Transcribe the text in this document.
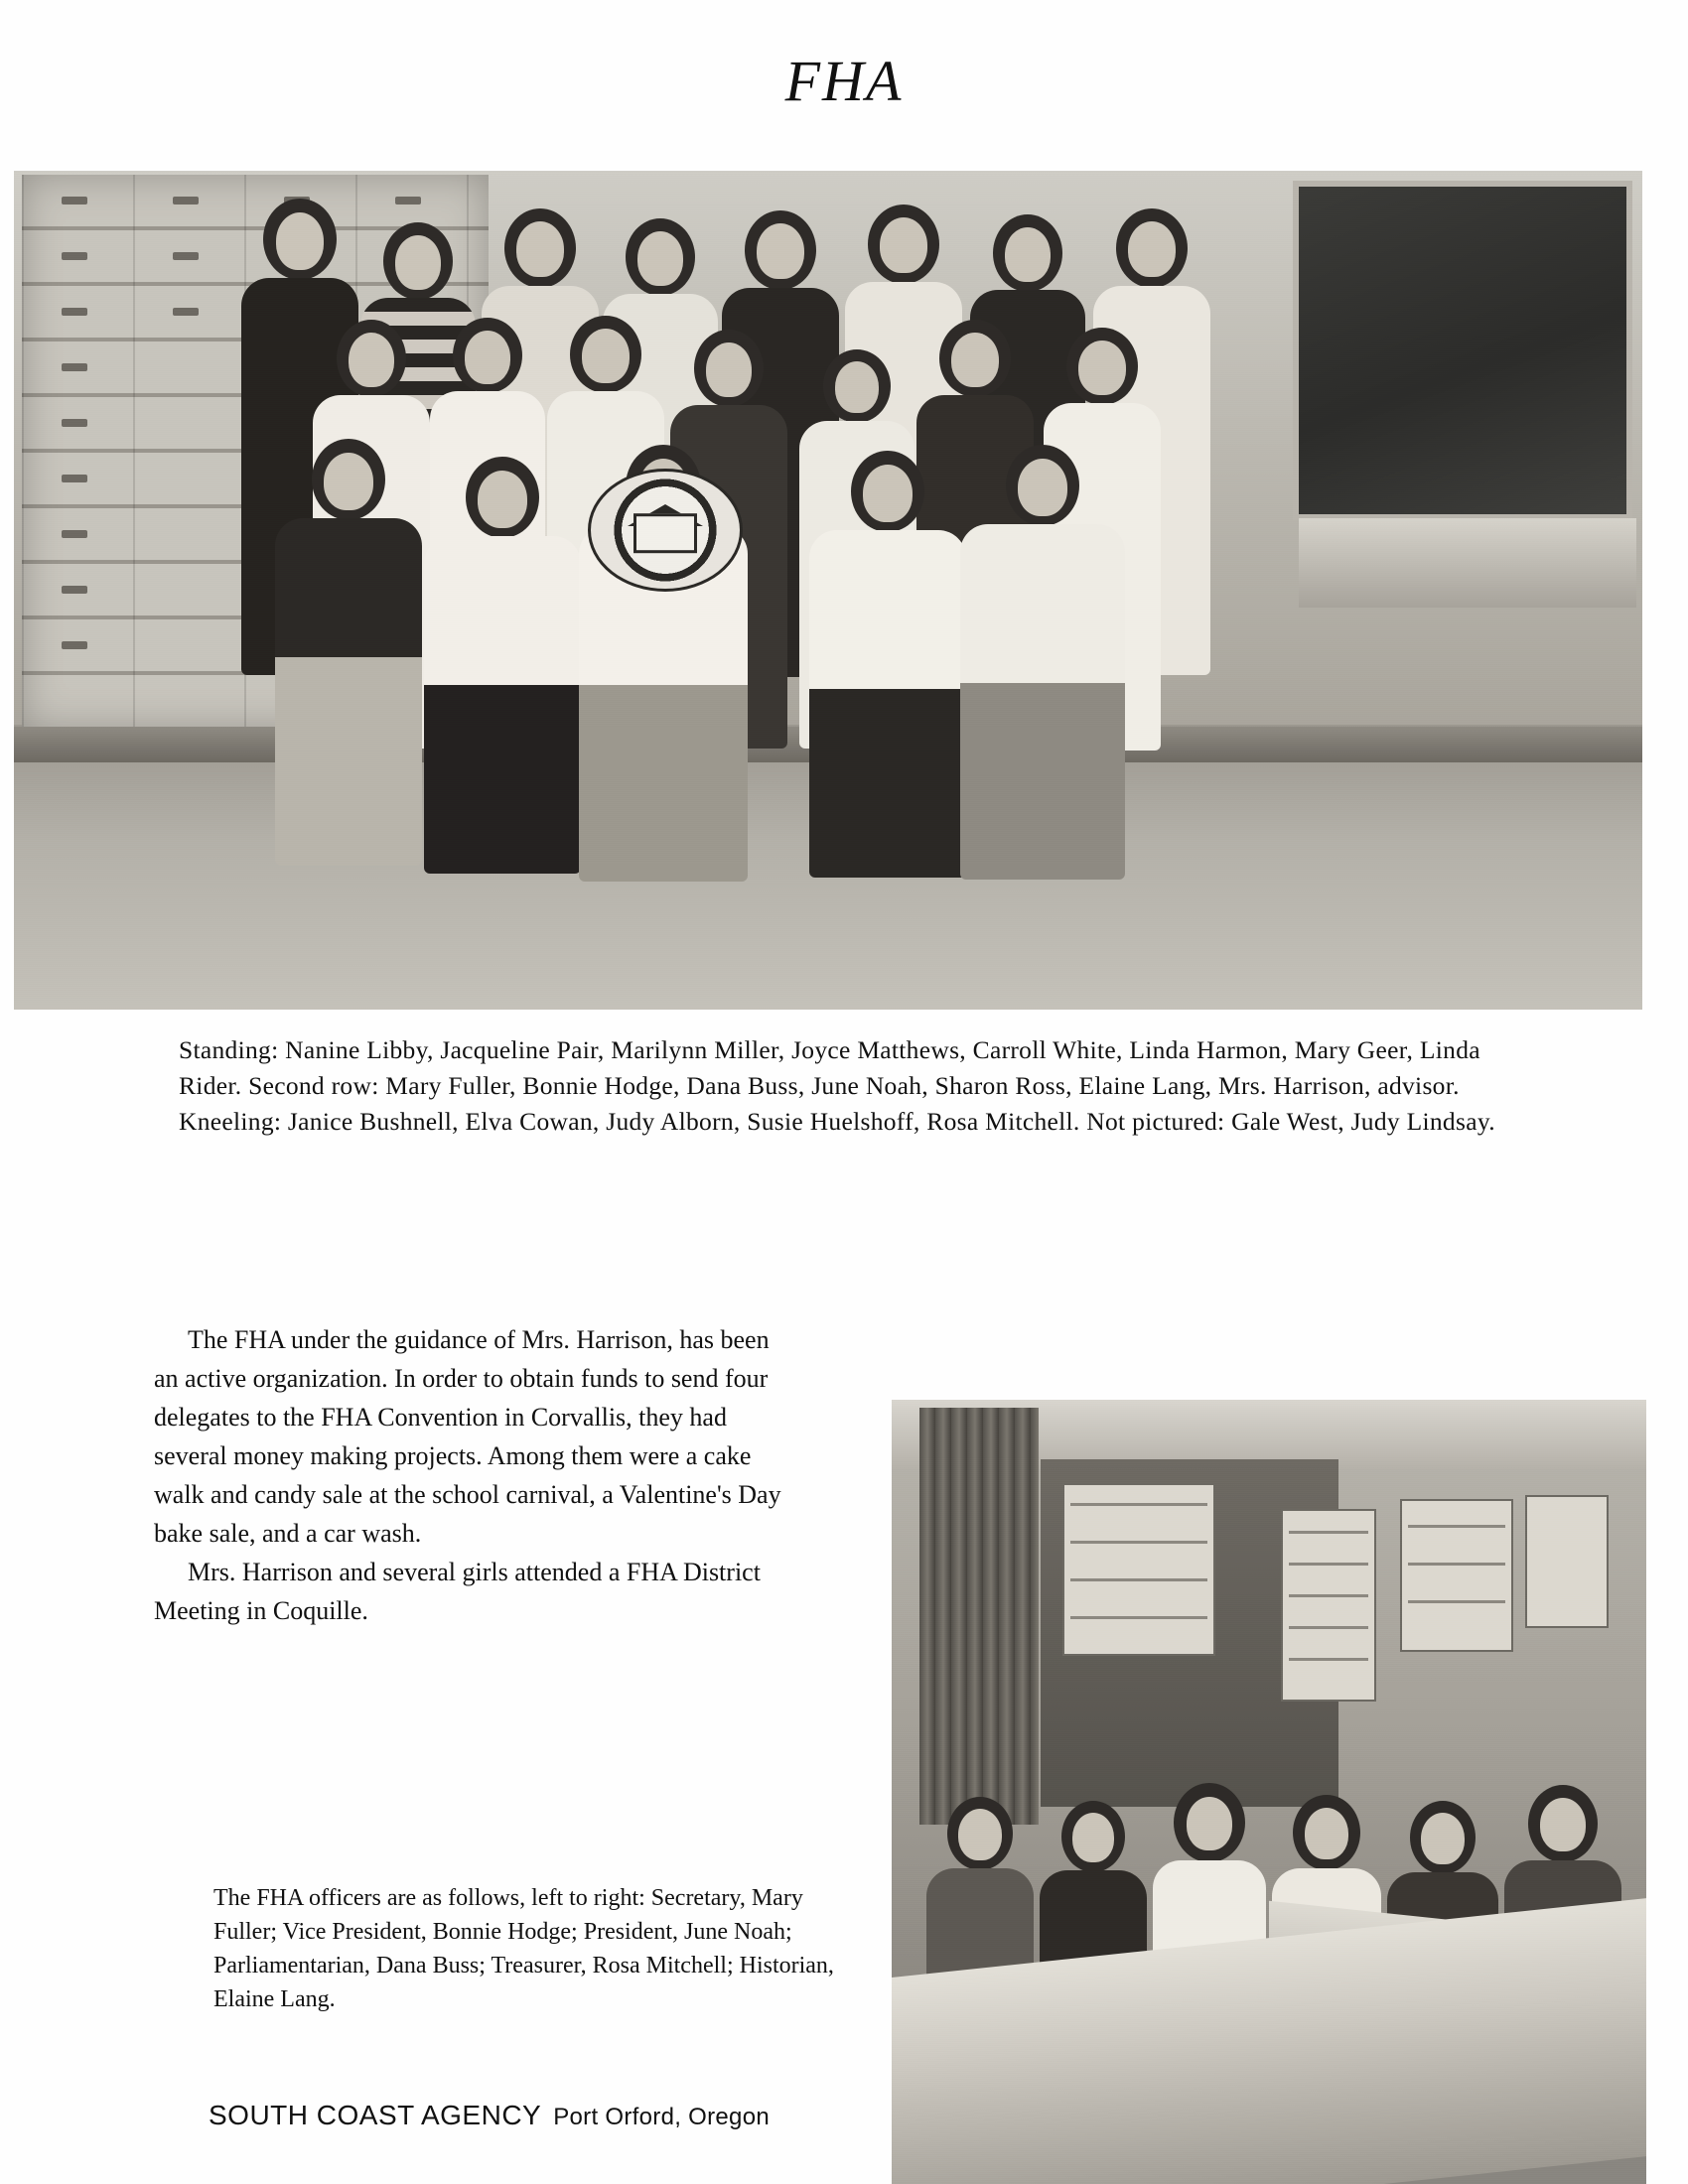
FHA
Standing: Nanine Libby, Jacqueline Pair, Marilynn Miller, Joyce Matthews, Carroll White, Linda Harmon, Mary Geer, Linda Rider. Second row: Mary Fuller, Bonnie Hodge, Dana Buss, June Noah, Sharon Ross, Elaine Lang, Mrs. Harrison, advisor. Kneeling: Janice Bushnell, Elva Cowan, Judy Alborn, Susie Huelshoff, Rosa Mitchell. Not pictured: Gale West, Judy Lindsay.

The FHA under the guidance of Mrs. Harrison, has been an active organization. In order to obtain funds to send four delegates to the FHA Convention in Corvallis, they had several money making projects. Among them were a cake walk and candy sale at the school carnival, a Valentine's Day bake sale, and a car wash.

Mrs. Harrison and several girls attended a FHA District Meeting in Coquille.

The FHA officers are as follows, left to right: Secretary, Mary Fuller; Vice President, Bonnie Hodge; President, June Noah; Parliamentarian, Dana Buss; Treasurer, Rosa Mitchell; Historian, Elaine Lang.
SOUTH COAST AGENCY Port Orford, Oregon
